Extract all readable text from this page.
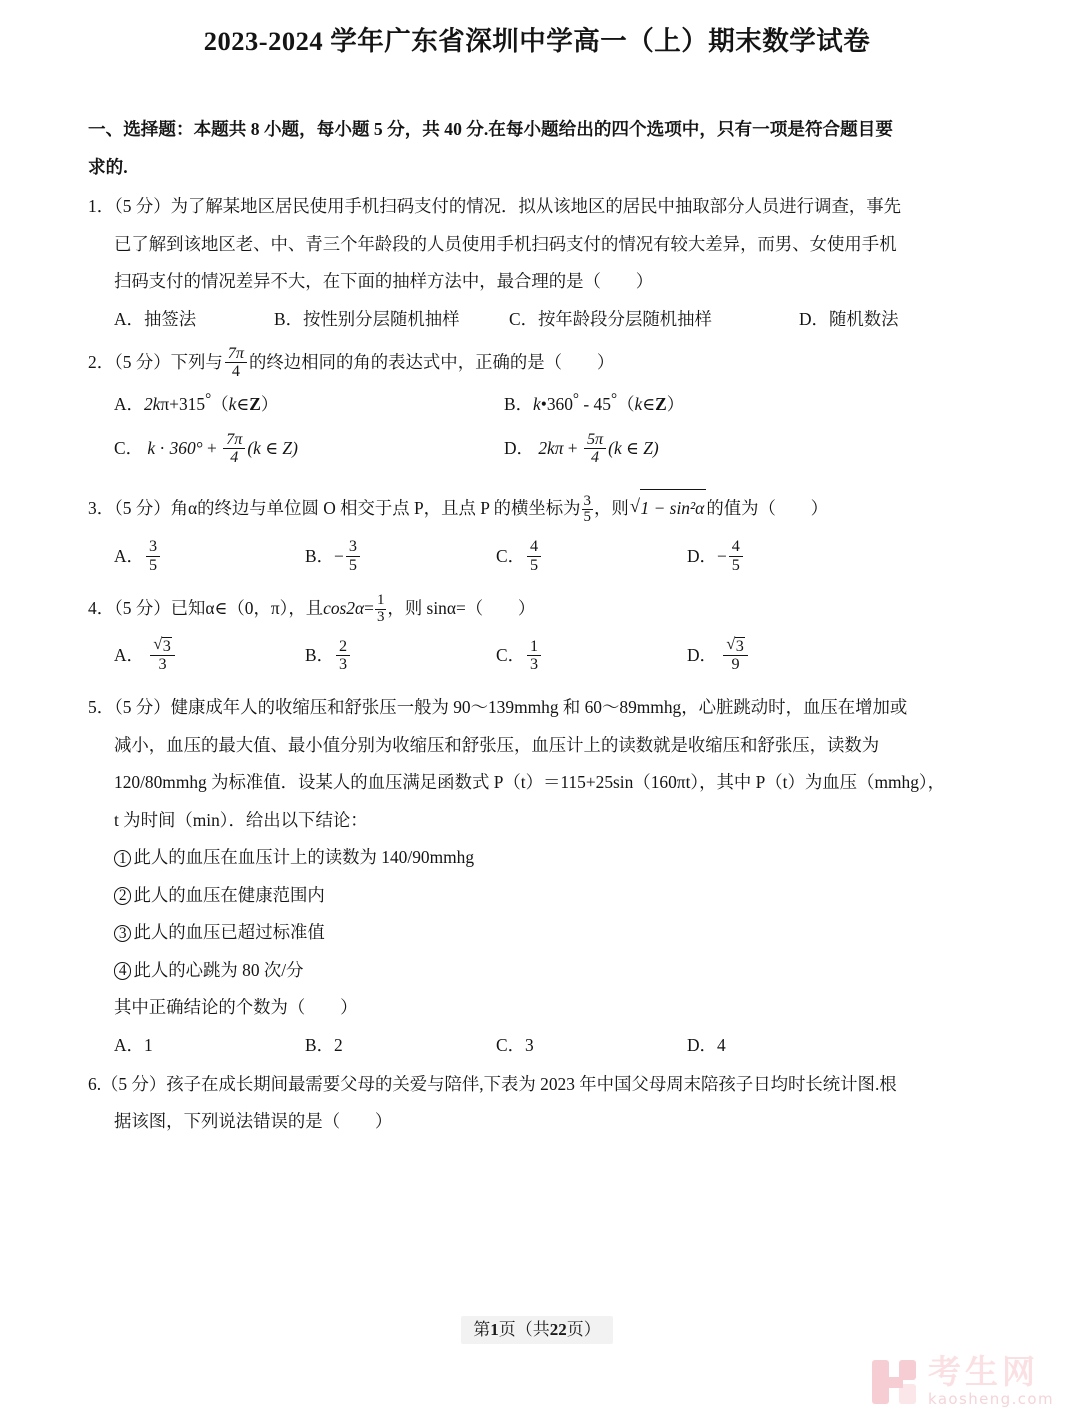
2023-2024 学年广东省深圳中学高一（上）期末数学试卷
一、选择题：本题共 8 小题，每小题 5 分，共 40 分.在每小题给出的四个选项中，只有一项是符合题目要
求的.
1．（5 分）为了解某地区居民使用手机扫码支付的情况．拟从该地区的居民中抽取部分人员进行调查，事先
已了解到该地区老、中、青三个年龄段的人员使用手机扫码支付的情况有较大差异，而男、女使用手机
扫码支付的情况差异不大，在下面的抽样方法中，最合理的是（　　）
A．抽签法	B．按性别分层随机抽样	C．按年龄段分层随机抽样	D．随机数法
2．（5 分）下列与 $\frac{7\pi}{4}$ 的终边相同的角的表达式中，正确的是（　　）
A．2kπ+315°（k∈Z）	B．k•360° - 45°（k∈Z）
C． $k \cdot 360^\circ + \frac{7\pi}{4} (k$ ∈ Z)	D． $2k\pi + \frac{5\pi}{4} (k$ ∈ Z)
3．（5 分）角α的终边与单位圆 O 相交于点 P，且点 P 的横坐标为 $\frac{3}{5}$ ，则 √ 1 − sin²α 的值为（　　）
A． $\frac{3}{5}$	B．− $\frac{3}{5}$	C． $\frac{4}{5}$	D．− $\frac{4}{5}$
4．（5 分）已知α∈（0，π），且$\cos 2\alpha= \frac{1}{3}$ ，则 sinα=（　　）
A． √ $\frac{3}{3}$	B． $\frac{2}{3}$	C． $\frac{1}{3}$	D． √ $\frac{3}{9}$
5．（5 分）健康成年人的收缩压和舒张压一般为 90～139mmhg 和 60～89mmhg，心脏跳动时，血压在增加或
减小，血压的最大值、最小值分别为收缩压和舒张压，血压计上的读数就是收缩压和舒张压，读数为
120/80mmhg 为标准值．设某人的血压满足函数式 P（t）＝115+25sin（160πt），其中 P（t）为血压（mmhg），
t 为时间（min）．给出以下结论：
1 此人的血压在血压计上的读数为 140/90mmhg
2 此人的血压在健康范围内
3 此人的血压已超过标准值
4 此人的心跳为 80 次/分
其中正确结论的个数为（　　）
A．1	B．2	C．3	D．4
6.（5 分）孩子在成长期间最需要父母的关爱与陪伴,下表为 2023 年中国父母周末陪孩子日均时长统计图.根
据该图，下列说法错误的是（　　）
第1页（共22页）
考生网
kaosheng.com
